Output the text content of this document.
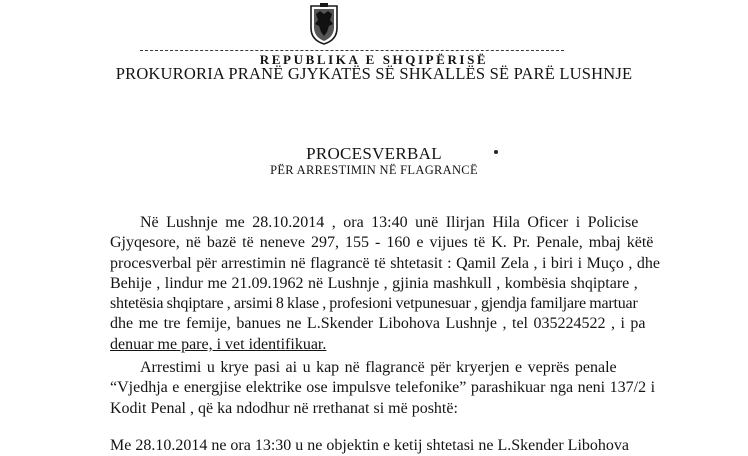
REPUBLIKA E SHQIPËRISË

PROKURORIA PRANË GJYKATËS SË SHKALLËS SË PARË LUSHNJE

PROCESVERBAL

PËR ARRESTIMIN NË FLAGRANCË

Në Lushnje me 28.10.2014 , ora 13:40 unë Ilirjan Hila Oficer i Policise
Gjyqesore, në bazë të neneve 297, 155 - 160 e vijues të K. Pr. Penale, mbaj këtë
procesverbal për arrestimin në flagrancë të shtetasit : Qamil Zela , i biri i Muço , dhe
Behije , lindur me 21.09.1962 në Lushnje , gjinia mashkull , kombësia shqiptare ,
shtetësia shqiptare , arsimi 8 klase , profesioni vetpunesuar , gjendja familjare martuar
dhe me tre femije, banues ne L.Skender Libohova Lushnje , tel 035224522 , i pa
denuar me pare, i vet identifikuar.
Arrestimi u krye pasi ai u kap në flagrancë për kryerjen e veprës penale
“Vjedhja e energjise elektrike ose impulsve telefonike” parashikuar nga neni 137/2 i
Kodit Penal , që ka ndodhur në rrethanat si më poshtë:
Me 28.10.2014 ne ora 13:30 u ne objektin e ketij shtetasi ne L.Skender Libohova
